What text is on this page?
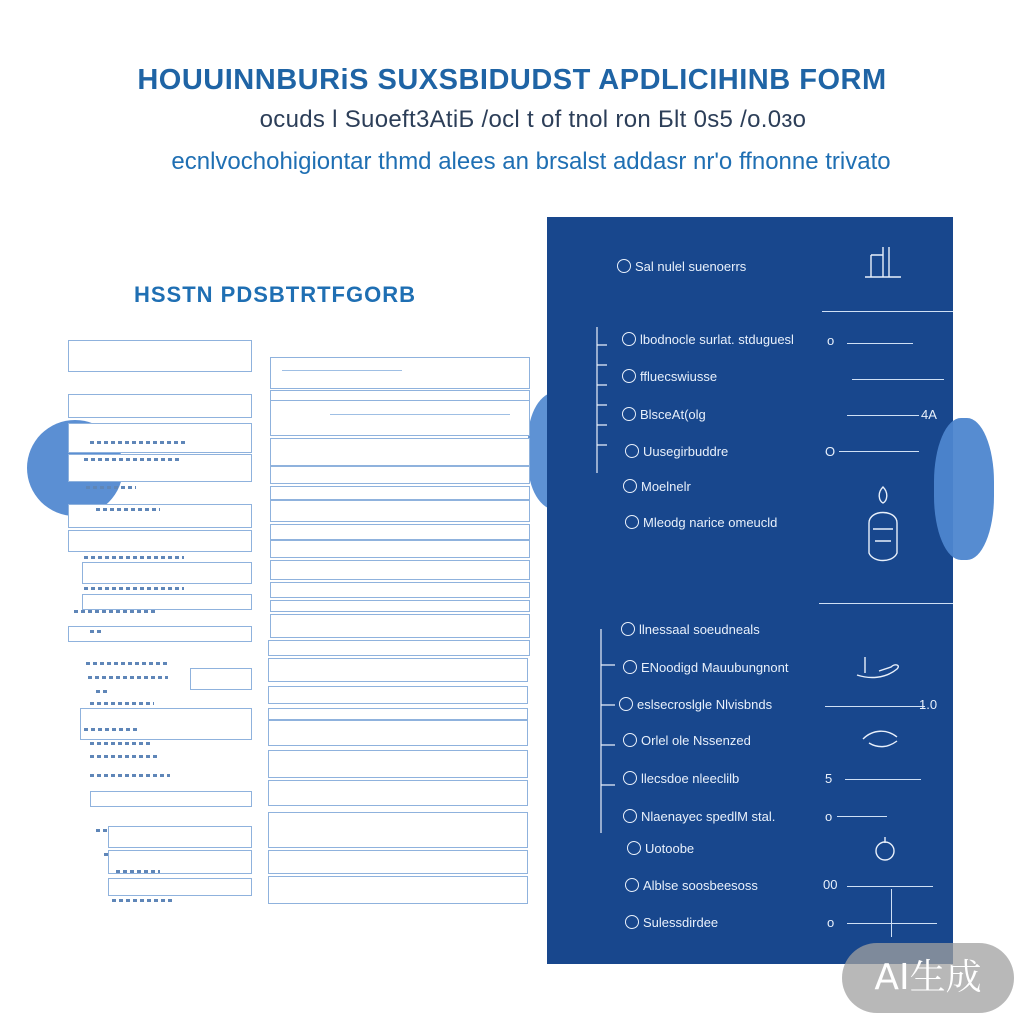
HOUUINNBURiS SUXSBIDUDST APDLICIHINB FORM
ocuds l Suoeft3AtiБ /ocl t of tnol ron Бlt 0s5 /o.0ɜo
ecnlvochohigiontar thmd alees an brsalst addasr nr'o ffnonne trivato
HSSTN PDSBTRTFGORB
Sal nulel suenoerrs
lbodnocle surlat. stduguesl	o
ffluecswiusse
BlsceAt(olg	4A
Uusegirbuddre	O
Moelnelr
Mleodg narice omeucld
llnessaal soeudneals
ENoodigd Mauubungnont
eslsecroslgle Nlvisbnds	1.0
Orlel ole Nssenzed
llecsdoe nleeclilb	5
Nlaenayec spedlM stal.	o
Uotoobe
Alblse soosbeesoss	00
Sulessdirdee	o
AI生成
